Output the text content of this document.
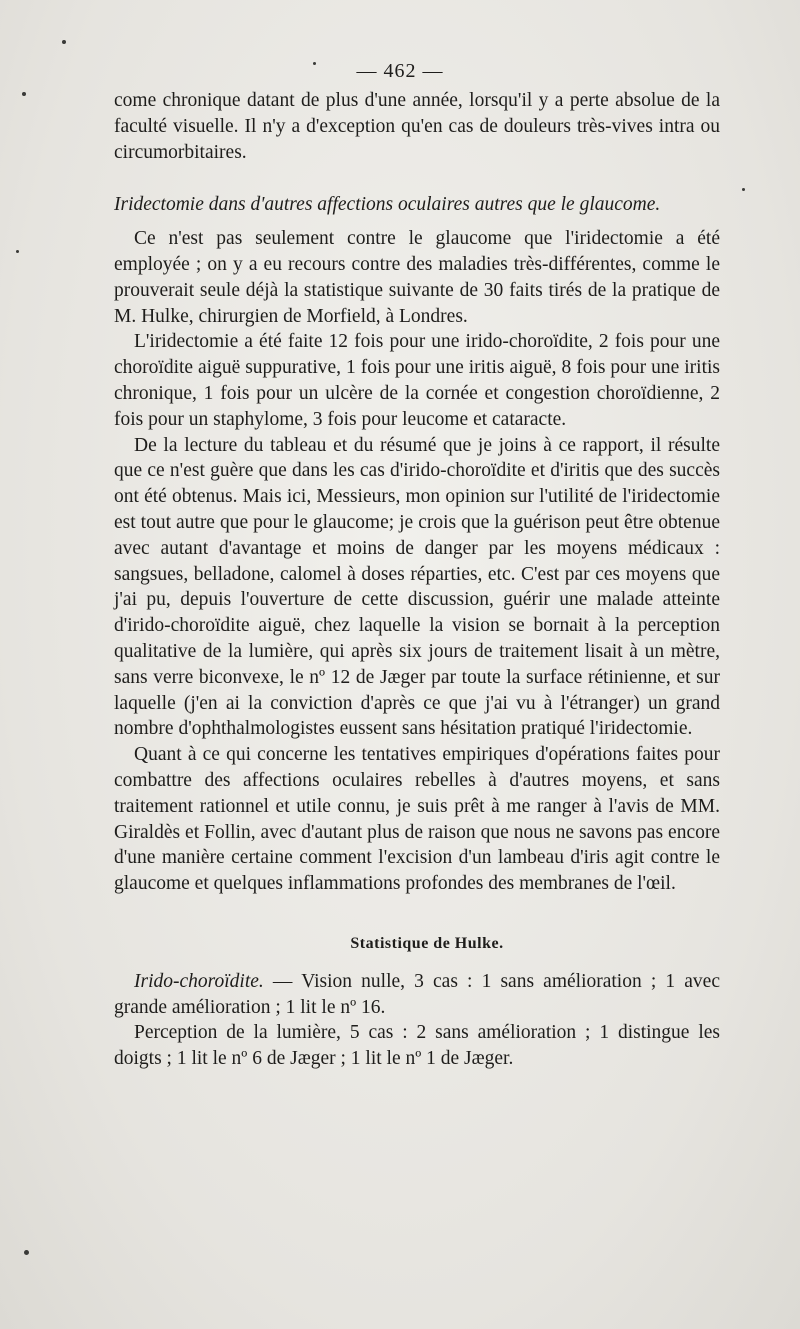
— 462 —

come chronique datant de plus d'une année, lorsqu'il y a perte absolue de la faculté visuelle. Il n'y a d'exception qu'en cas de douleurs très-vives intra ou circumorbitaires.

Iridectomie dans d'autres affections oculaires autres que le glaucome.

Ce n'est pas seulement contre le glaucome que l'iridectomie a été employée ; on y a eu recours contre des maladies très-différentes, comme le prouverait seule déjà la statistique suivante de 30 faits tirés de la pratique de M. Hulke, chirurgien de Morfield, à Londres.

L'iridectomie a été faite 12 fois pour une irido-choroïdite, 2 fois pour une choroïdite aiguë suppurative, 1 fois pour une iritis aiguë, 8 fois pour une iritis chronique, 1 fois pour un ulcère de la cornée et congestion choroïdienne, 2 fois pour un staphylome, 3 fois pour leucome et cataracte.

De la lecture du tableau et du résumé que je joins à ce rapport, il résulte que ce n'est guère que dans les cas d'irido-choroïdite et d'iritis que des succès ont été obtenus. Mais ici, Messieurs, mon opinion sur l'utilité de l'iridectomie est tout autre que pour le glaucome; je crois que la guérison peut être obtenue avec autant d'avantage et moins de danger par les moyens médicaux : sangsues, belladone, calomel à doses réparties, etc. C'est par ces moyens que j'ai pu, depuis l'ouverture de cette discussion, guérir une malade atteinte d'irido-choroïdite aiguë, chez laquelle la vision se bornait à la perception qualitative de la lumière, qui après six jours de traitement lisait à un mètre, sans verre biconvexe, le nº 12 de Jæger par toute la surface rétinienne, et sur laquelle (j'en ai la conviction d'après ce que j'ai vu à l'étranger) un grand nombre d'ophthalmologistes eussent sans hésitation pratiqué l'iridectomie.

Quant à ce qui concerne les tentatives empiriques d'opérations faites pour combattre des affections oculaires rebelles à d'autres moyens, et sans traitement rationnel et utile connu, je suis prêt à me ranger à l'avis de MM. Giraldès et Follin, avec d'autant plus de raison que nous ne savons pas encore d'une manière certaine comment l'excision d'un lambeau d'iris agit contre le glaucome et quelques inflammations profondes des membranes de l'œil.

Statistique de Hulke.

Irido-choroïdite. — Vision nulle, 3 cas : 1 sans amélioration ; 1 avec grande amélioration ; 1 lit le nº 16.

Perception de la lumière, 5 cas : 2 sans amélioration ; 1 distingue les doigts ; 1 lit le nº 6 de Jæger ; 1 lit le nº 1 de Jæger.
